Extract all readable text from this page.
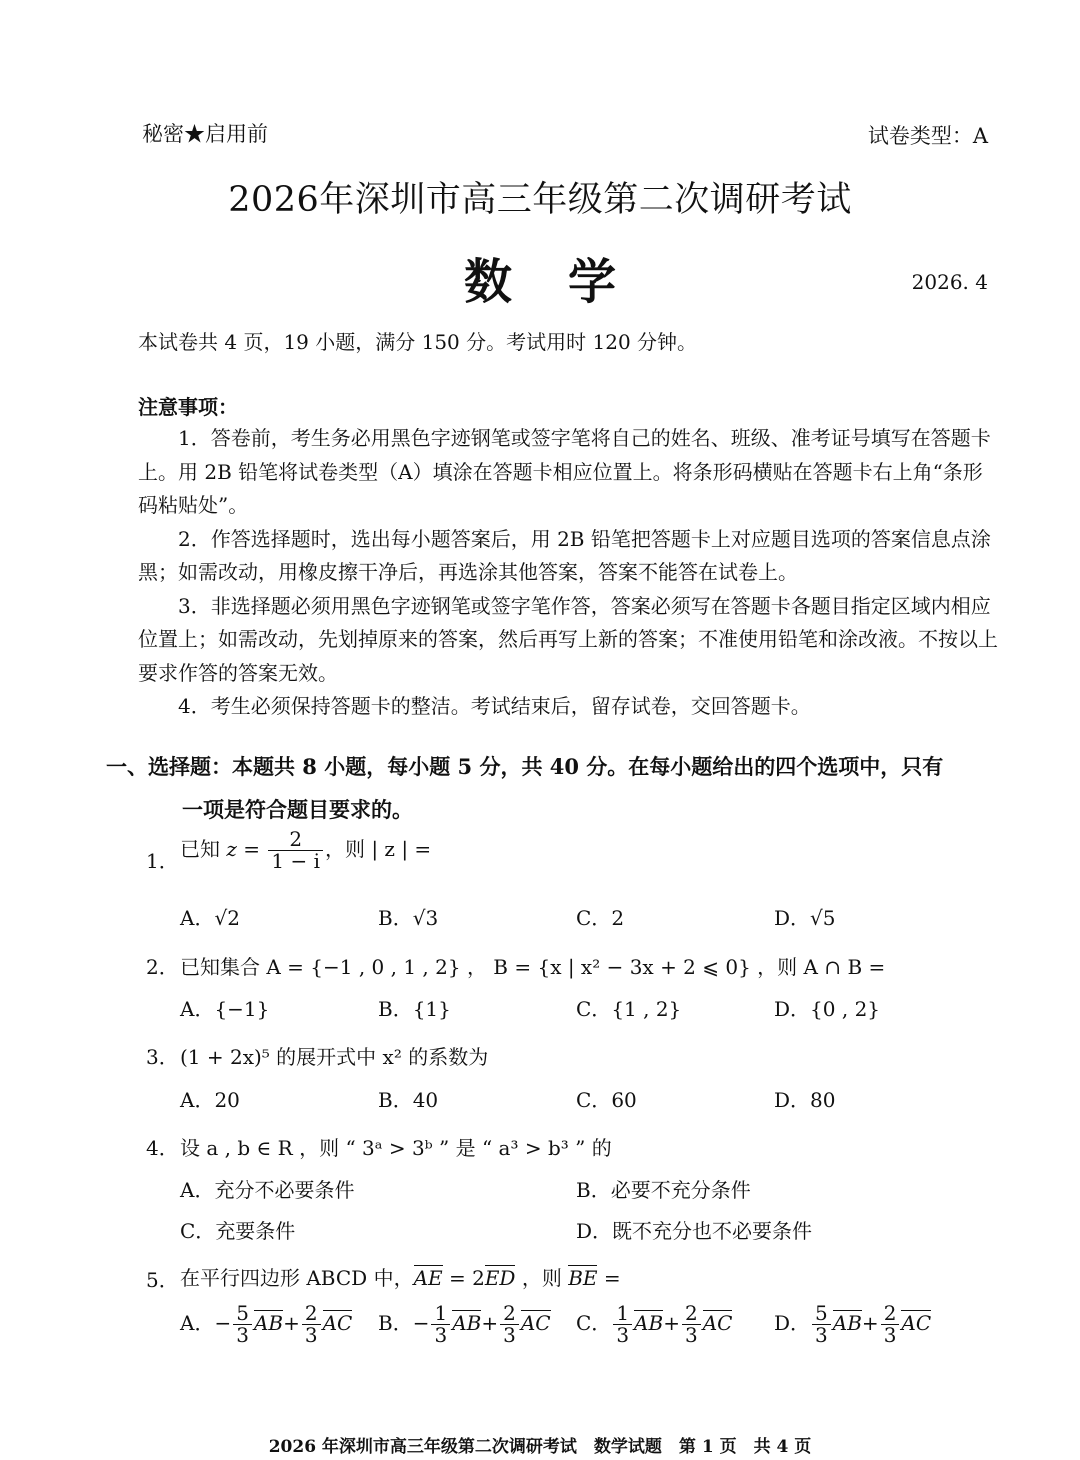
秘密★启用前	试卷类型：A
2026年深圳市高三年级第二次调研考试
数学	2026. 4
本试卷共 4 页，19 小题，满分 150 分。考试用时 120 分钟。
注意事项：

1．答卷前，考生务必用黑色字迹钢笔或签字笔将自己的姓名、班级、准考证号填写在答题卡上。用 2B 铅笔将试卷类型（A）填涂在答题卡相应位置上。将条形码横贴在答题卡右上角“条形码粘贴处”。

2．作答选择题时，选出每小题答案后，用 2B 铅笔把答题卡上对应题目选项的答案信息点涂黑；如需改动，用橡皮擦干净后，再选涂其他答案，答案不能答在试卷上。

3．非选择题必须用黑色字迹钢笔或签字笔作答，答案必须写在答题卡各题目指定区域内相应位置上；如需改动，先划掉原来的答案，然后再写上新的答案；不准使用铅笔和涂改液。不按以上要求作答的答案无效。

4．考生必须保持答题卡的整洁。考试结束后，留存试卷，交回答题卡。

一、选择题：本题共 8 小题，每小题 5 分，共 40 分。在每小题给出的四个选项中，只有
一项是符合题目要求的。
1． 已知 $z = \frac{2}{1 - i}$ ，则 | z | =
A．√2	B．√3	C．2	D．√5
2． 已知集合 A = {−1 , 0 , 1 , 2} ， B = {x | x² − 3x + 2 ⩽ 0} ，则 A ∩ B =
A．{−1}	B．{1}	C．{1 , 2}	D．{0 , 2}
3． (1 + 2x)⁵ 的展开式中 x² 的系数为
A．20	B．40	C．60	D．80
4． 设 a , b ∈ R ，则 “ 3ᵃ > 3ᵇ ” 是 “ a³ > b³ ” 的
A．充分不必要条件	B．必要不充分条件
C．充要条件	D．既不充分也不必要条件
5． 在平行四边形 ABCD 中，AE = 2ED ，则 BE =
A．− $\frac{5}{3} AB+ \frac{2}{3}$ AC B．− $\frac{1}{3} AB+ \frac{2}{3}$ AC C． $\frac{1}{3} AB+ \frac{2}{3}$ AC D． $\frac{5}{3} AB+ \frac{2}{3}$ AC
2026 年深圳市高三年级第二次调研考试　数学试题　第 1 页　共 4 页
